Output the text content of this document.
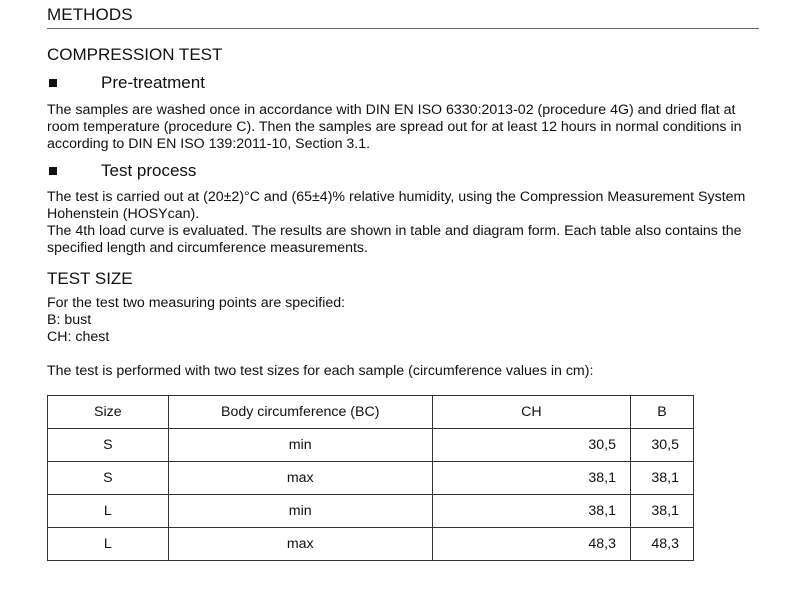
METHODS
COMPRESSION TEST
Pre-treatment
The samples are washed once in accordance with DIN EN ISO 6330:2013-02 (procedure 4G) and dried flat at
room temperature (procedure C). Then the samples are spread out for at least 12 hours in normal conditions in
according to DIN EN ISO 139:2011-10, Section 3.1.
Test process
The test is carried out at (20±2)°C and (65±4)% relative humidity, using the Compression Measurement System
Hohenstein (HOSYcan).
The 4th load curve is evaluated. The results are shown in table and diagram form. Each table also contains the
specified length and circumference measurements.
TEST SIZE
For the test two measuring points are specified:
B: bust
CH: chest
The test is performed with two test sizes for each sample (circumference values in cm):
Size	Body circumference (BC)	CH	B
S	min	30,5	30,5
S	max	38,1	38,1
L	min	38,1	38,1
L	max	48,3	48,3
